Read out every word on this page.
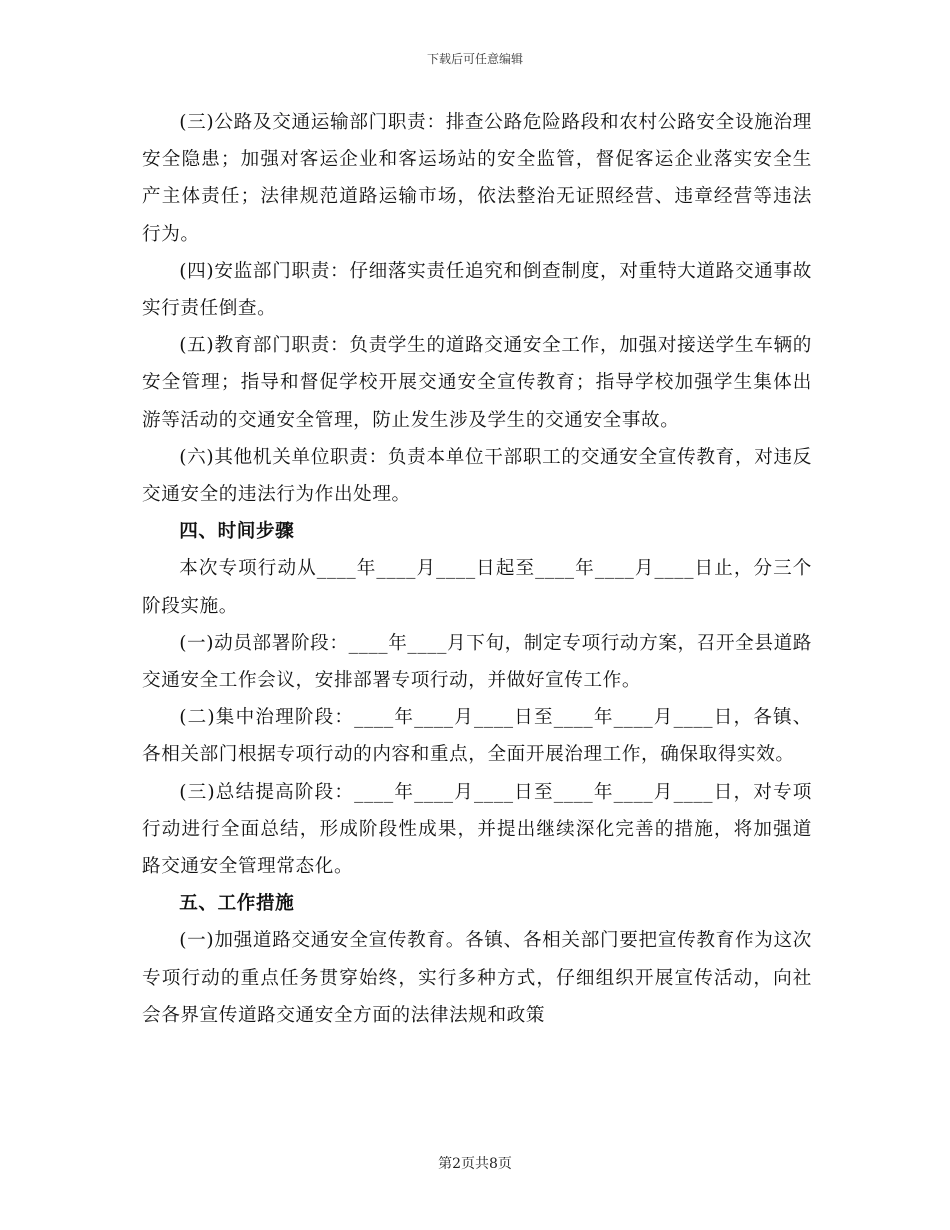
下载后可任意编辑

(三)公路及交通运输部门职责：排查公路危险路段和农村公路安全设施治理安全隐患；加强对客运企业和客运场站的安全监管，督促客运企业落实安全生产主体责任；法律规范道路运输市场，依法整治无证照经营、违章经营等违法行为。

(四)安监部门职责：仔细落实责任追究和倒查制度，对重特大道路交通事故实行责任倒查。

(五)教育部门职责：负责学生的道路交通安全工作，加强对接送学生车辆的安全管理；指导和督促学校开展交通安全宣传教育；指导学校加强学生集体出游等活动的交通安全管理，防止发生涉及学生的交通安全事故。

(六)其他机关单位职责：负责本单位干部职工的交通安全宣传教育，对违反交通安全的违法行为作出处理。

四、时间步骤

本次专项行动从____年____月____日起至____年____月____日止，分三个阶段实施。

(一)动员部署阶段：____年____月下旬，制定专项行动方案，召开全县道路交通安全工作会议，安排部署专项行动，并做好宣传工作。

(二)集中治理阶段：____年____月____日至____年____月____日，各镇、各相关部门根据专项行动的内容和重点，全面开展治理工作，确保取得实效。

(三)总结提高阶段：____年____月____日至____年____月____日，对专项行动进行全面总结，形成阶段性成果，并提出继续深化完善的措施，将加强道路交通安全管理常态化。

五、工作措施

(一)加强道路交通安全宣传教育。各镇、各相关部门要把宣传教育作为这次专项行动的重点任务贯穿始终，实行多种方式，仔细组织开展宣传活动，向社会各界宣传道路交通安全方面的法律法规和政策

第2页共8页
